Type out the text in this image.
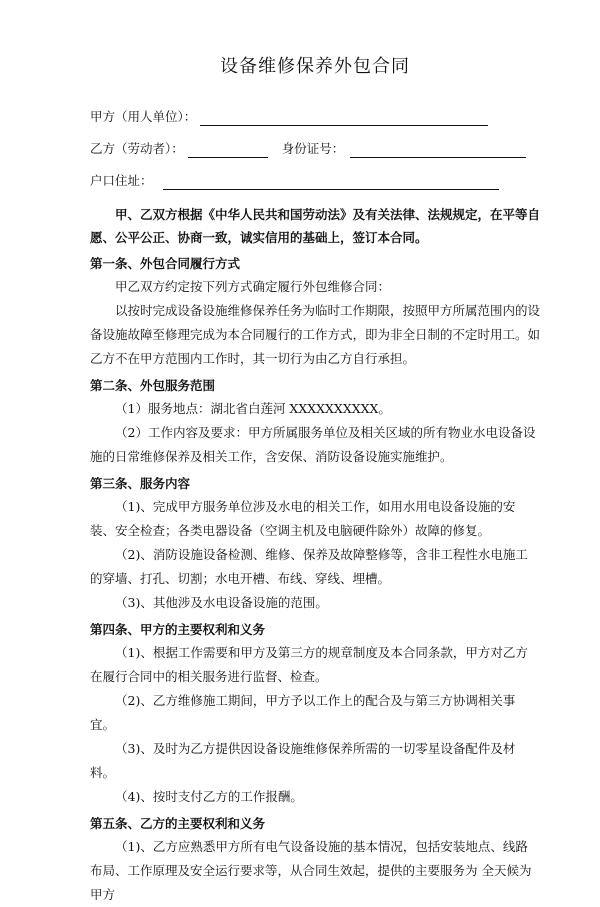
设备维修保养外包合同
甲方（用人单位）：
乙方（劳动者）：	身份证号：
户口住址：
甲、乙双方根据《中华人民共和国劳动法》及有关法律、法规规定，在平等自愿、公平公正、协商一致，诚实信用的基础上，签订本合同。
第一条、外包合同履行方式
甲乙双方约定按下列方式确定履行外包维修合同：
以按时完成设备设施维修保养任务为临时工作期限，按照甲方所属范围内的设备设施故障至修理完成为本合同履行的工作方式，即为非全日制的不定时用工。如乙方不在甲方范围内工作时，其一切行为由乙方自行承担。
第二条、外包服务范围
（1）服务地点：湖北省白莲河 XXXXXXXXXX。
（2）工作内容及要求：甲方所属服务单位及相关区域的所有物业水电设备设施的日常维修保养及相关工作，含安保、消防设备设施实施维护。
第三条、服务内容
（1)、完成甲方服务单位涉及水电的相关工作，如用水用电设备设施的安装、安全检查；各类电器设备（空调主机及电脑硬件除外）故障的修复。
（2)、消防设施设备检测、维修、保养及故障整修等，含非工程性水电施工的穿墙、打孔、切割；水电开槽、布线、穿线、埋槽。
（3)、其他涉及水电设备设施的范围。
第四条、甲方的主要权利和义务
（1)、根据工作需要和甲方及第三方的规章制度及本合同条款，甲方对乙方在履行合同中的相关服务进行监督、检查。
（2)、乙方维修施工期间，甲方予以工作上的配合及与第三方协调相关事宜。
（3)、及时为乙方提供因设备设施维修保养所需的一切零星设备配件及材料。
（4)、按时支付乙方的工作报酬。
第五条、乙方的主要权利和义务
（1)、乙方应熟悉甲方所有电气设备设施的基本情况，包括安装地点、线路布局、工作原理及安全运行要求等，从合同生效起，提供的主要服务为 全天候为甲方
